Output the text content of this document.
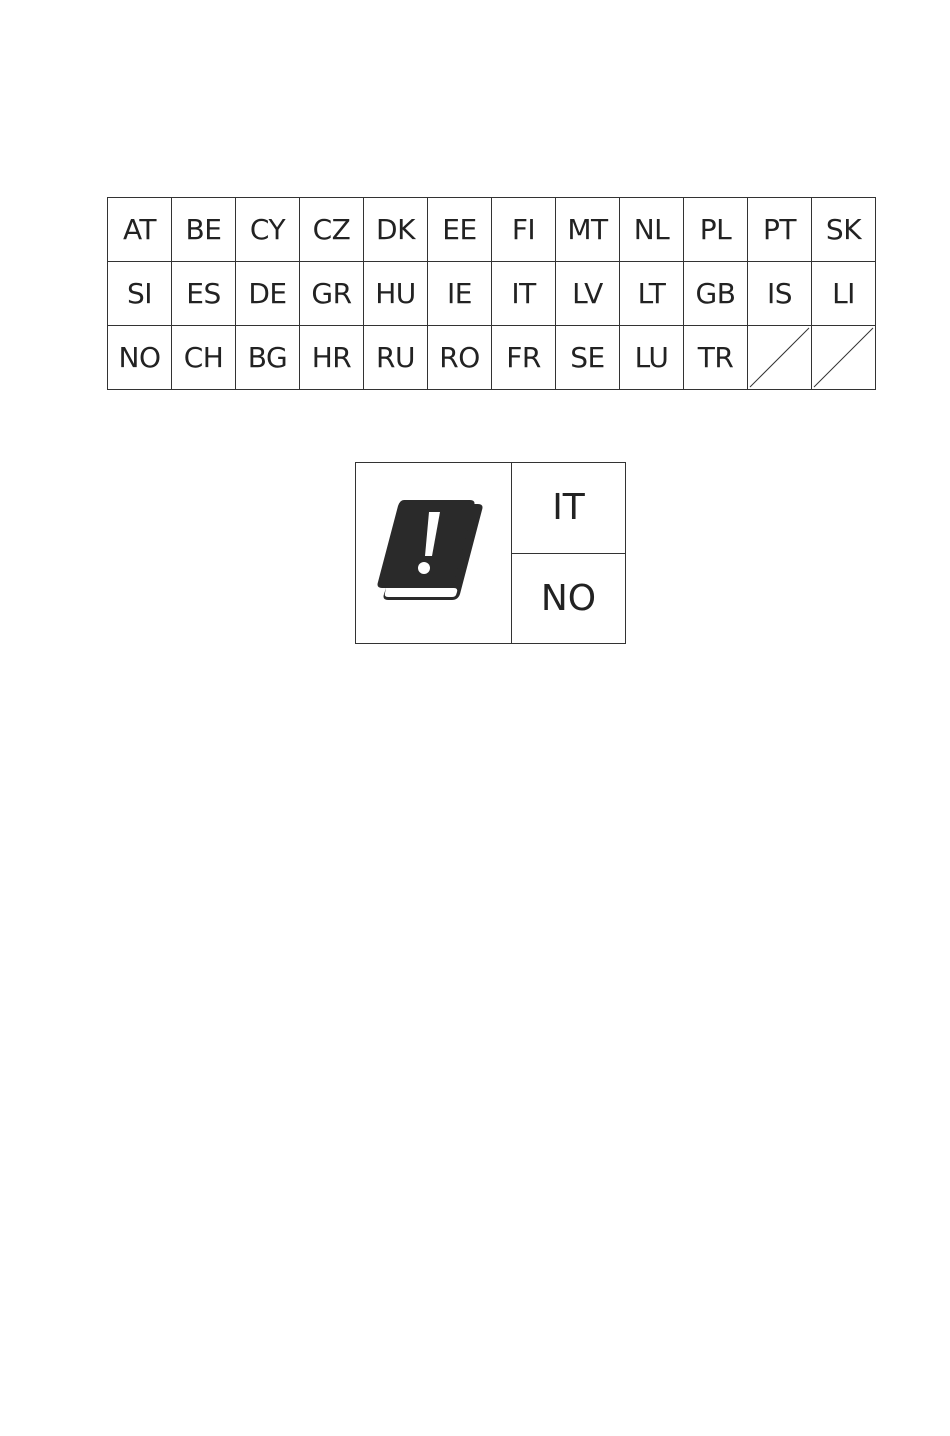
AT	BE	CY	CZ	DK	EE	FI	MT	NL	PL	PT	SK
SI	ES	DE	GR	HU	IE	IT	LV	LT	GB	IS	LI
NO	CH	BG	HR	RU	RO	FR	SE	LU	TR	

IT
NO
